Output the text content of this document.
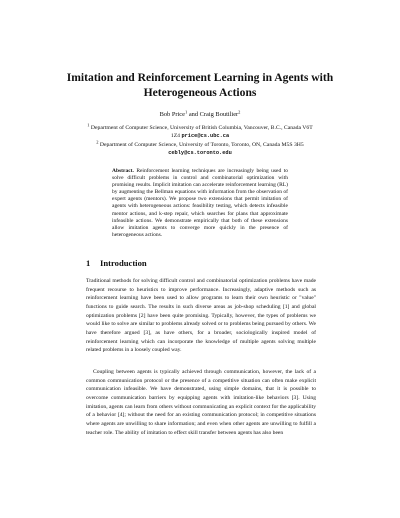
Imitation and Reinforcement Learning in Agents with Heterogeneous Actions
Bob Price$^1$ and Craig Boutilier$^2$
$^1$ Department of Computer Science, University of British Columbia, Vancouver, B.C., Canada V6T 1Z4 price@cs.ubc.ca
$^2$ Department of Computer Science, University of Toronto, Toronto, ON, Canada M5S 3H5 cebly@cs.toronto.edu
Abstract. Reinforcement learning techniques are increasingly being used to solve difficult problems in control and combinatorial optimization with promising results. Implicit imitation can accelerate reinforcement learning (RL) by augmenting the Bellman equations with information from the observation of expert agents (mentors). We propose two extensions that permit imitation of agents with heterogeneous actions: feasibility testing, which detects infeasible mentor actions, and k-step repair, which searches for plans that approximate infeasible actions. We demonstrate empirically that both of these extensions allow imitation agents to converge more quickly in the presence of heterogeneous actions.
1 Introduction
Traditional methods for solving difficult control and combinatorial optimization problems have made frequent recourse to heuristics to improve performance. Increasingly, adaptive methods such as reinforcement learning have been used to allow programs to learn their own heuristic or "value" functions to guide search. The results in such diverse areas as job-shop scheduling [1] and global optimization problems [2] have been quite promising. Typically, however, the types of problems we would like to solve are similar to problems already solved or to problems being pursued by others. We have therefore argued [3], as have others, for a broader, sociologically inspired model of reinforcement learning which can incorporate the knowledge of multiple agents solving multiple related problems in a loosely coupled way.
Coupling between agents is typically achieved through communication, however, the lack of a common communication protocol or the presence of a competitive situation can often make explicit communication infeasible. We have demonstrated, using simple domains, that it is possible to overcome communication barriers by equipping agents with imitation-like behaviors [3]. Using imitation, agents can learn from others without communicating an explicit context for the applicability of a behavior [4]; without the need for an existing communication protocol; in competitive situations where agents are unwilling to share information; and even when other agents are unwilling to fulfill a teacher role. The ability of imitation to effect skill transfer between agents has also been
